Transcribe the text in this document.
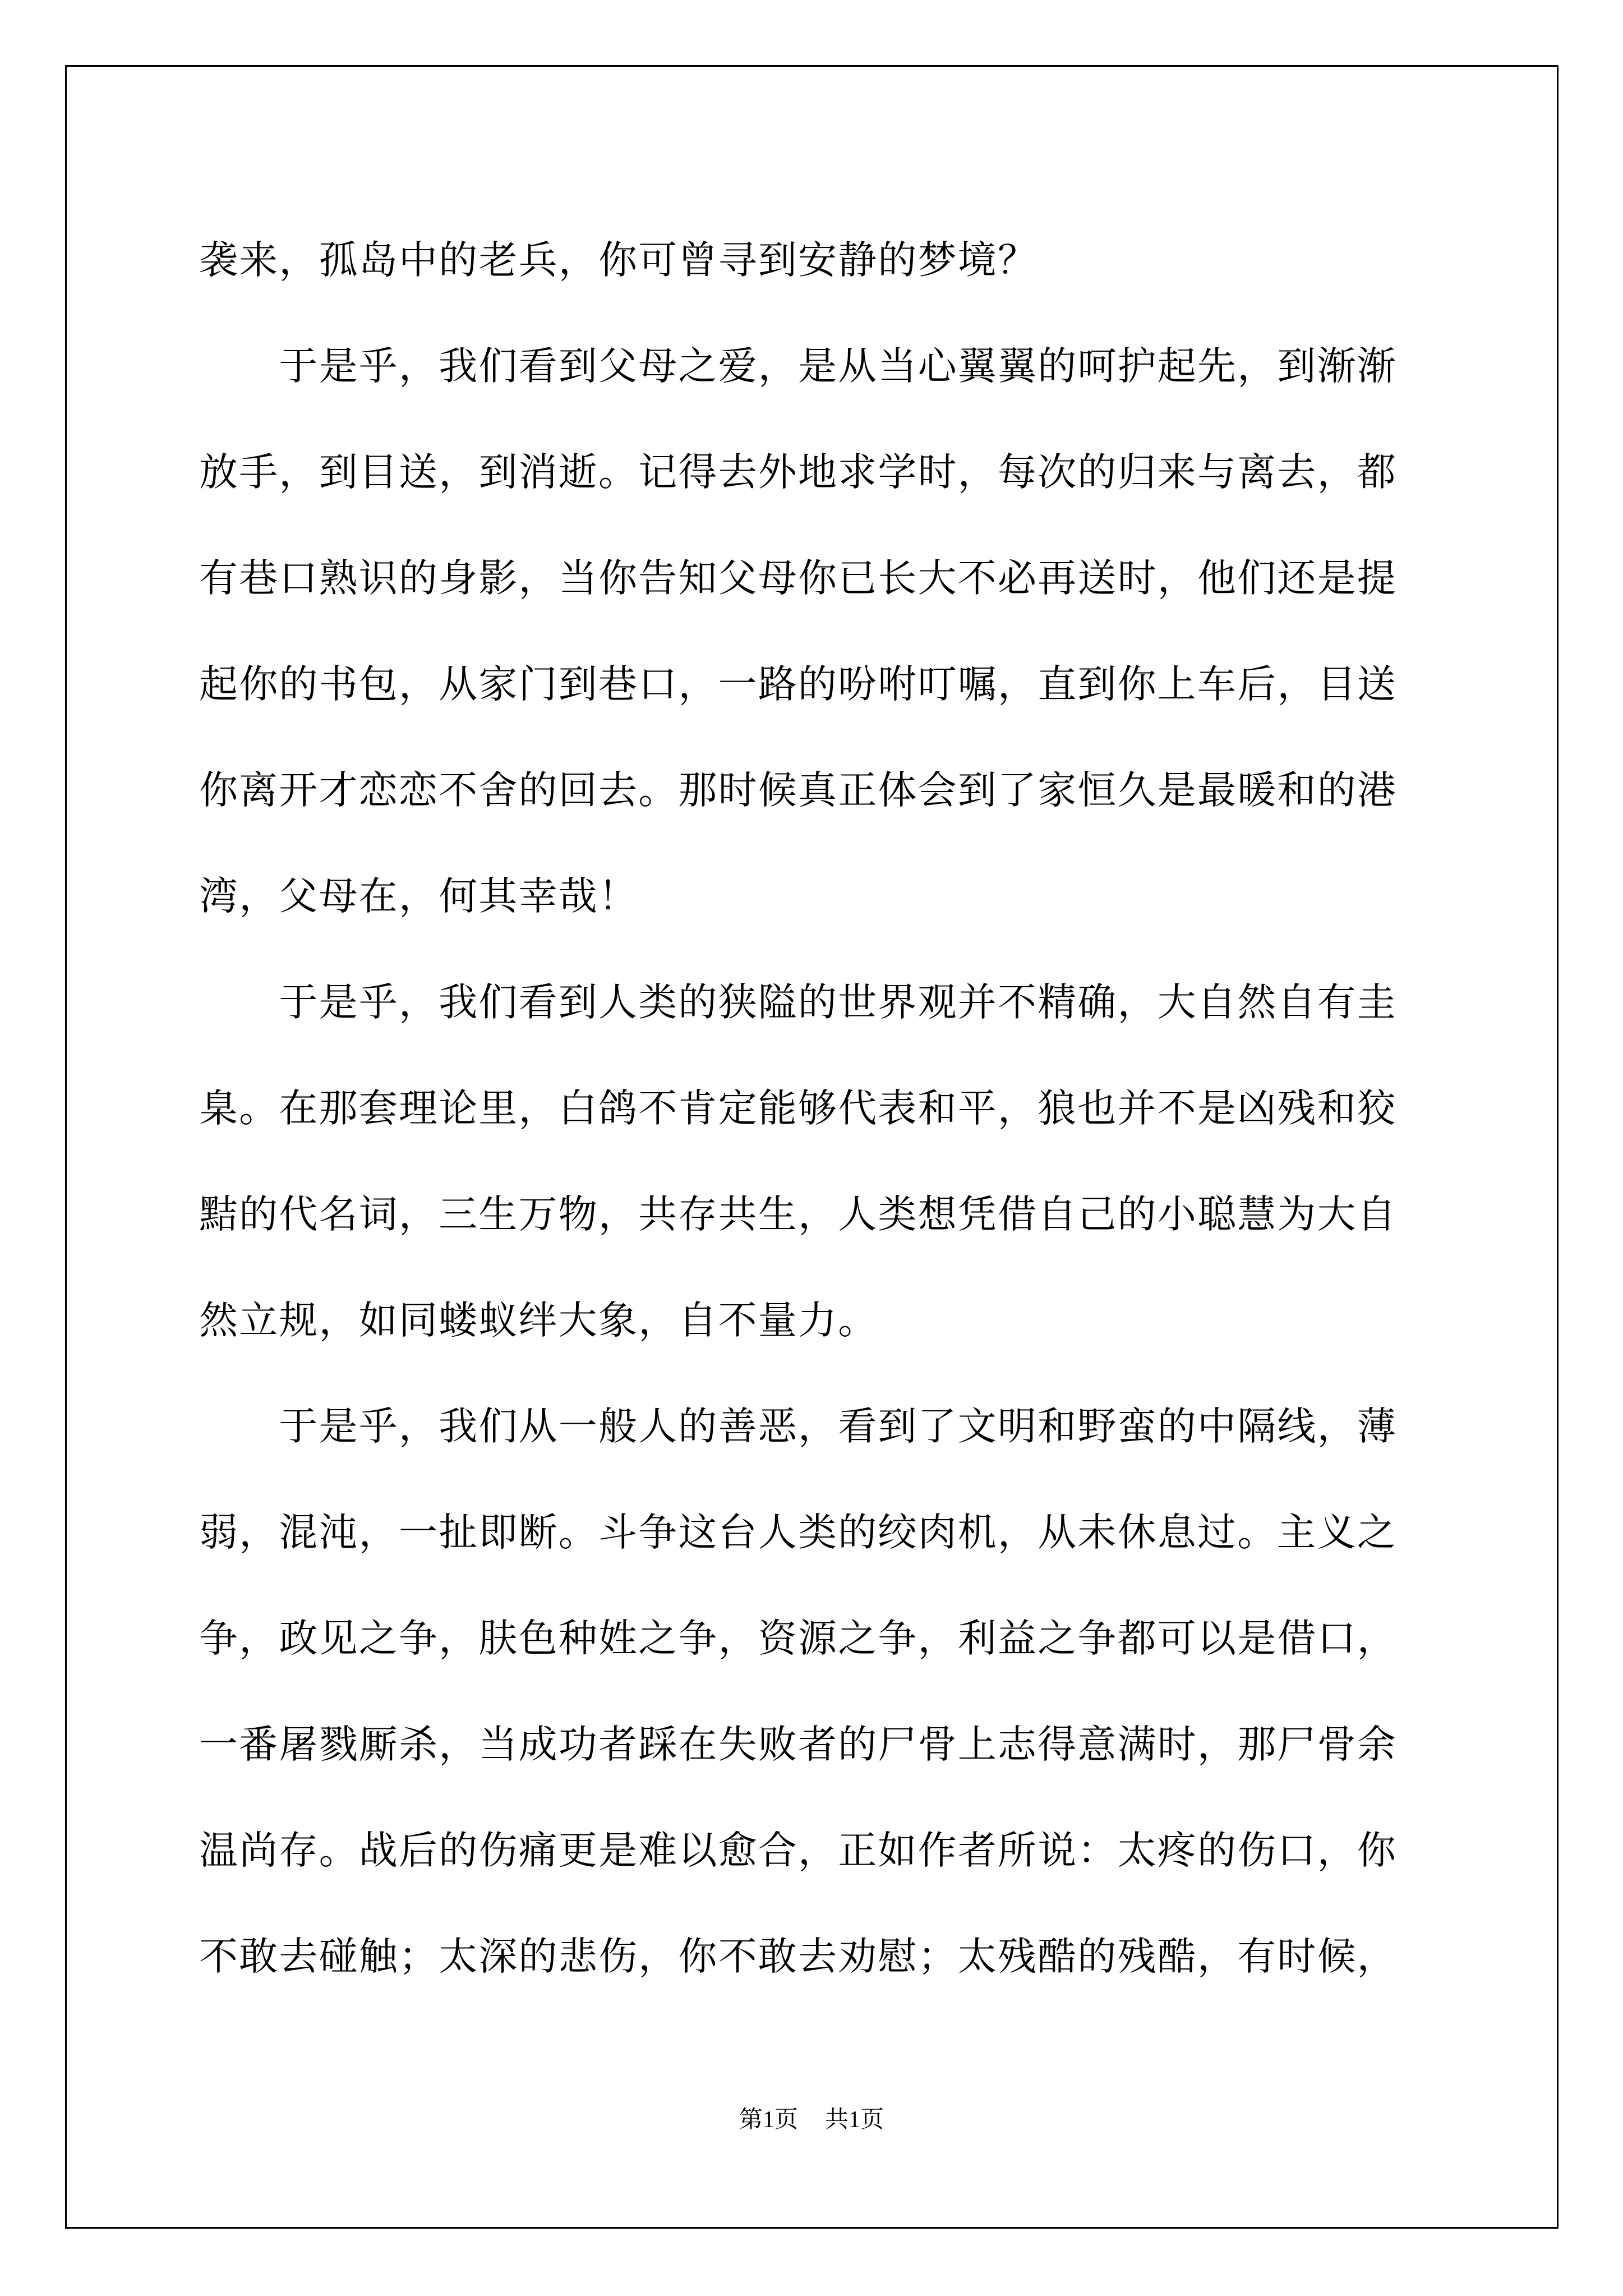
袭来，孤岛中的老兵，你可曾寻到安静的梦境？
　　于是乎，我们看到父母之爱，是从当心翼翼的呵护起先，到渐渐
放手，到目送，到消逝。记得去外地求学时，每次的归来与离去，都
有巷口熟识的身影，当你告知父母你已长大不必再送时，他们还是提
起你的书包，从家门到巷口，一路的吩咐叮嘱，直到你上车后，目送
你离开才恋恋不舍的回去。那时候真正体会到了家恒久是最暖和的港
湾，父母在，何其幸哉！
　　于是乎，我们看到人类的狭隘的世界观并不精确，大自然自有圭
臬。在那套理论里，白鸽不肯定能够代表和平，狼也并不是凶残和狡
黠的代名词，三生万物，共存共生，人类想凭借自己的小聪慧为大自
然立规，如同蝼蚁绊大象，自不量力。
　　于是乎，我们从一般人的善恶，看到了文明和野蛮的中隔线，薄
弱，混沌，一扯即断。斗争这台人类的绞肉机，从未休息过。主义之
争，政见之争，肤色种姓之争，资源之争，利益之争都可以是借口，
一番屠戮厮杀，当成功者踩在失败者的尸骨上志得意满时，那尸骨余
温尚存。战后的伤痛更是难以愈合，正如作者所说：太疼的伤口，你
不敢去碰触；太深的悲伤，你不敢去劝慰；太残酷的残酷，有时候，
第1页 共1页
